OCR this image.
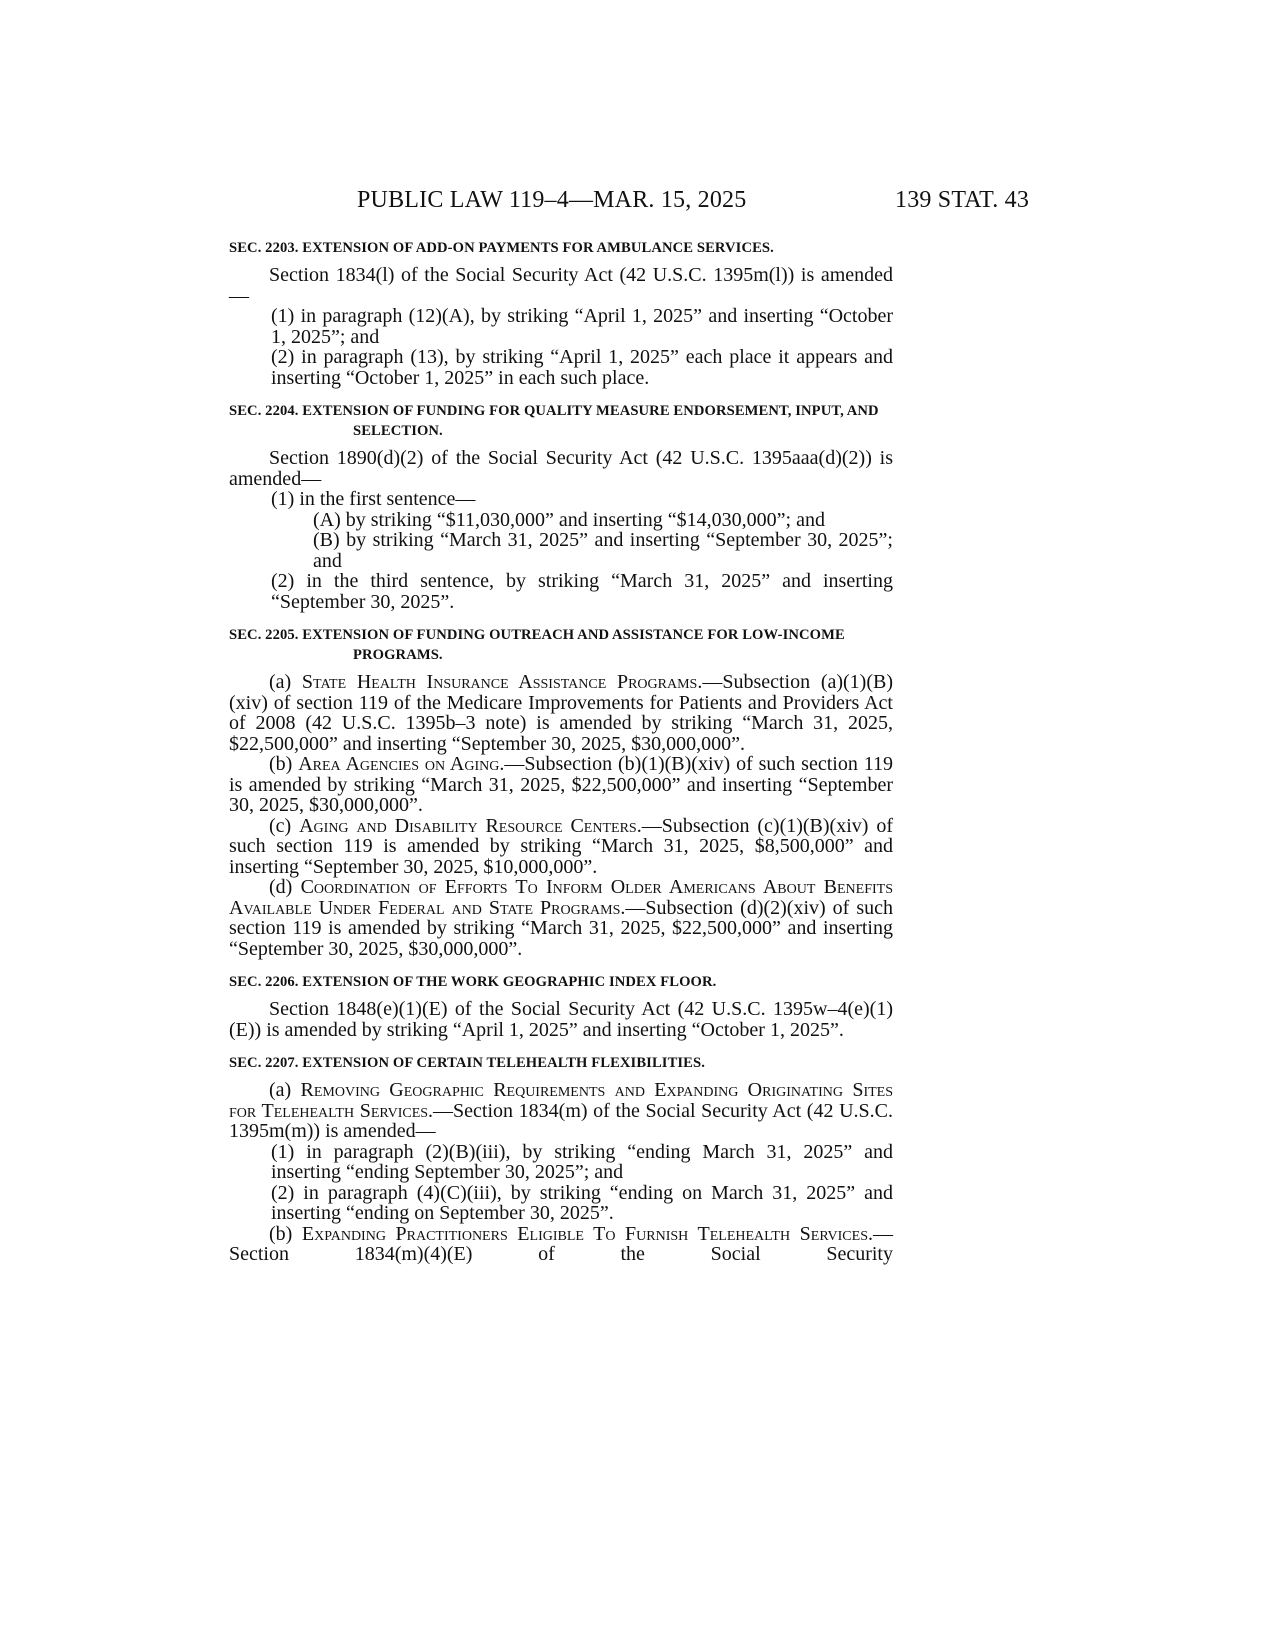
PUBLIC LAW 119–4—MAR. 15, 2025	139 STAT. 43
SEC. 2203. EXTENSION OF ADD-ON PAYMENTS FOR AMBULANCE SERVICES.

Section 1834(l) of the Social Security Act (42 U.S.C. 1395m(l)) is amended—

(1) in paragraph (12)(A), by striking “April 1, 2025” and inserting “October 1, 2025”; and

(2) in paragraph (13), by striking “April 1, 2025” each place it appears and inserting “October 1, 2025” in each such place.

SEC. 2204. EXTENSION OF FUNDING FOR QUALITY MEASURE ENDORSEMENT, INPUT, AND SELECTION.

Section 1890(d)(2) of the Social Security Act (42 U.S.C. 1395aaa(d)(2)) is amended—

(1) in the first sentence—

(A) by striking “$11,030,000” and inserting “$14,030,000”; and

(B) by striking “March 31, 2025” and inserting “September 30, 2025”; and

(2) in the third sentence, by striking “March 31, 2025” and inserting “September 30, 2025”.

SEC. 2205. EXTENSION OF FUNDING OUTREACH AND ASSISTANCE FOR LOW-INCOME PROGRAMS.

(a) State Health Insurance Assistance Programs.—Subsection (a)(1)(B)(xiv) of section 119 of the Medicare Improvements for Patients and Providers Act of 2008 (42 U.S.C. 1395b–3 note) is amended by striking “March 31, 2025, $22,500,000” and inserting “September 30, 2025, $30,000,000”.

(b) Area Agencies on Aging.—Subsection (b)(1)(B)(xiv) of such section 119 is amended by striking “March 31, 2025, $22,500,000” and inserting “September 30, 2025, $30,000,000”.

(c) Aging and Disability Resource Centers.—Subsection (c)(1)(B)(xiv) of such section 119 is amended by striking “March 31, 2025, $8,500,000” and inserting “September 30, 2025, $10,000,000”.

(d) Coordination of Efforts To Inform Older Americans About Benefits Available Under Federal and State Programs.—Subsection (d)(2)(xiv) of such section 119 is amended by striking “March 31, 2025, $22,500,000” and inserting “September 30, 2025, $30,000,000”.

SEC. 2206. EXTENSION OF THE WORK GEOGRAPHIC INDEX FLOOR.

Section 1848(e)(1)(E) of the Social Security Act (42 U.S.C. 1395w–4(e)(1)(E)) is amended by striking “April 1, 2025” and inserting “October 1, 2025”.

SEC. 2207. EXTENSION OF CERTAIN TELEHEALTH FLEXIBILITIES.

(a) Removing Geographic Requirements and Expanding Originating Sites for Telehealth Services.—Section 1834(m) of the Social Security Act (42 U.S.C. 1395m(m)) is amended—

(1) in paragraph (2)(B)(iii), by striking “ending March 31, 2025” and inserting “ending September 30, 2025”; and

(2) in paragraph (4)(C)(iii), by striking “ending on March 31, 2025” and inserting “ending on September 30, 2025”.

(b) Expanding Practitioners Eligible To Furnish Telehealth Services.—Section 1834(m)(4)(E) of the Social Security
